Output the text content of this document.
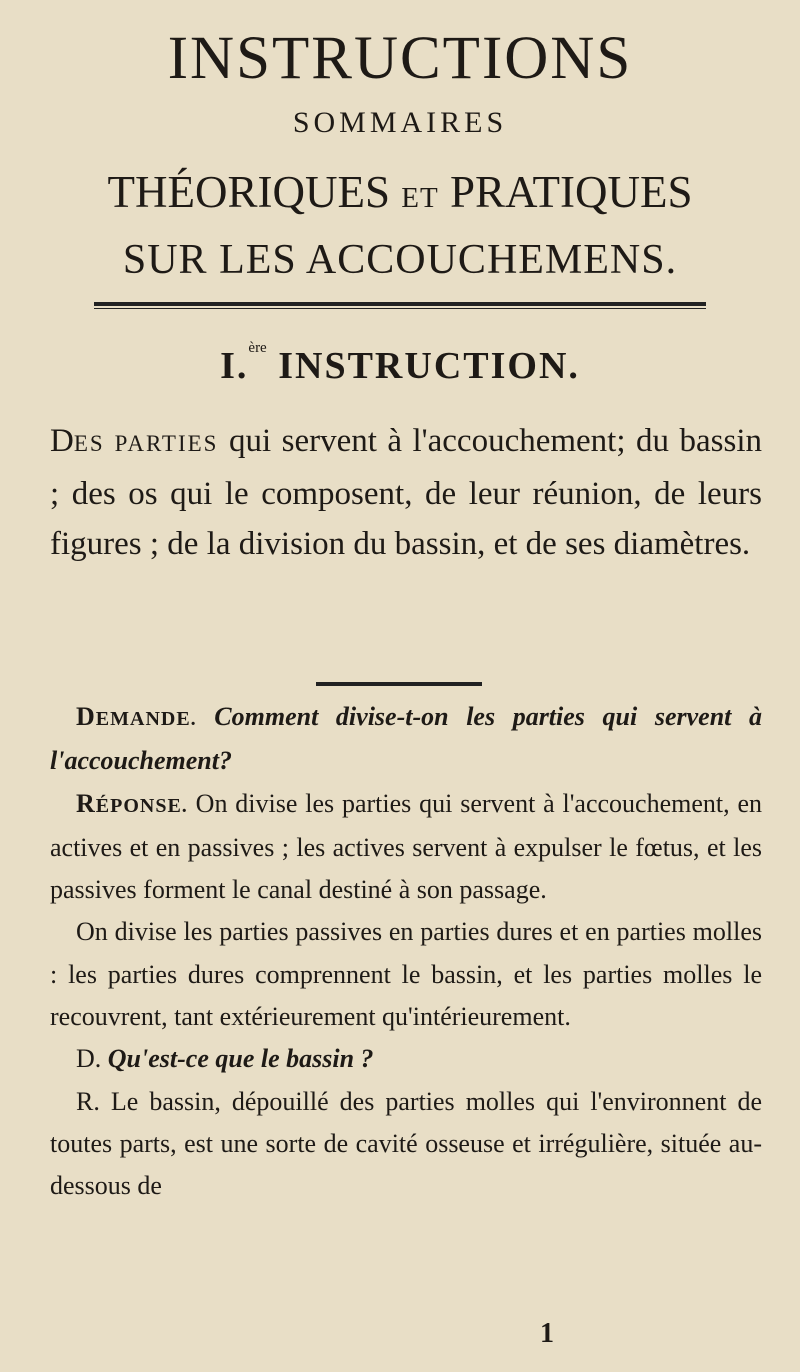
INSTRUCTIONS
SOMMAIRES
THÉORIQUES ET PRATIQUES
SUR LES ACCOUCHEMENS.
I.$^{ère}$ INSTRUCTION.
DES PARTIES qui servent à l'accouchement; du bassin ; des os qui le composent, de leur réunion, de leurs figures ; de la division du bassin, et de ses diamètres.

DEMANDE. Comment divise-t-on les parties qui servent à l'accouchement?

RÉPONSE. On divise les parties qui servent à l'accouchement, en actives et en passives ; les actives servent à expulser le fœtus, et les passives forment le canal destiné à son passage.

On divise les parties passives en parties dures et en parties molles : les parties dures comprennent le bassin, et les parties molles le recouvrent, tant extérieurement qu'intérieurement.

D. Qu'est-ce que le bassin ?

R. Le bassin, dépouillé des parties molles qui l'environnent de toutes parts, est une sorte de cavité osseuse et irrégulière, située au-dessous de

1
